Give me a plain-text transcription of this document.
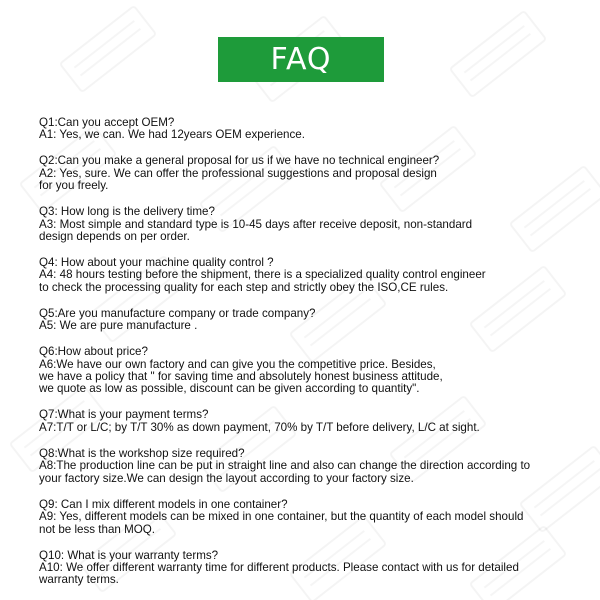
FAQ
Q1:Can you accept OEM?
A1: Yes, we can. We had 12years OEM experience.
Q2:Can you make a general proposal for us if we have no technical engineer?
A2: Yes, sure. We can offer the professional suggestions and proposal design
for you freely.
Q3: How long is the delivery time?
A3: Most simple and standard type is 10-45 days after receive deposit, non-standard
design depends on per order.
Q4: How about your machine quality control ?
A4: 48 hours testing before the shipment, there is a specialized quality control engineer
to check the processing quality for each step and strictly obey the ISO,CE rules.
Q5:Are you manufacture company or trade company?
A5: We are pure manufacture .
Q6:How about price?
A6:We have our own factory and can give you the competitive price. Besides,
we have a policy that " for saving time and absolutely honest business attitude,
we quote as low as possible, discount can be given according to quantity".
Q7:What is your payment terms?
A7:T/T or L/C; by T/T 30% as down payment, 70% by T/T before delivery, L/C at sight.
Q8:What is the workshop size required?
A8:The production line can be put in straight line and also can change the direction according to
your factory size.We can design the layout according to your factory size.
Q9: Can I mix different models in one container?
A9: Yes, different models can be mixed in one container, but the quantity of each model should
not be less than MOQ.
Q10: What is your warranty terms?
A10: We offer different warranty time for different products. Please contact with us for detailed
warranty terms.
